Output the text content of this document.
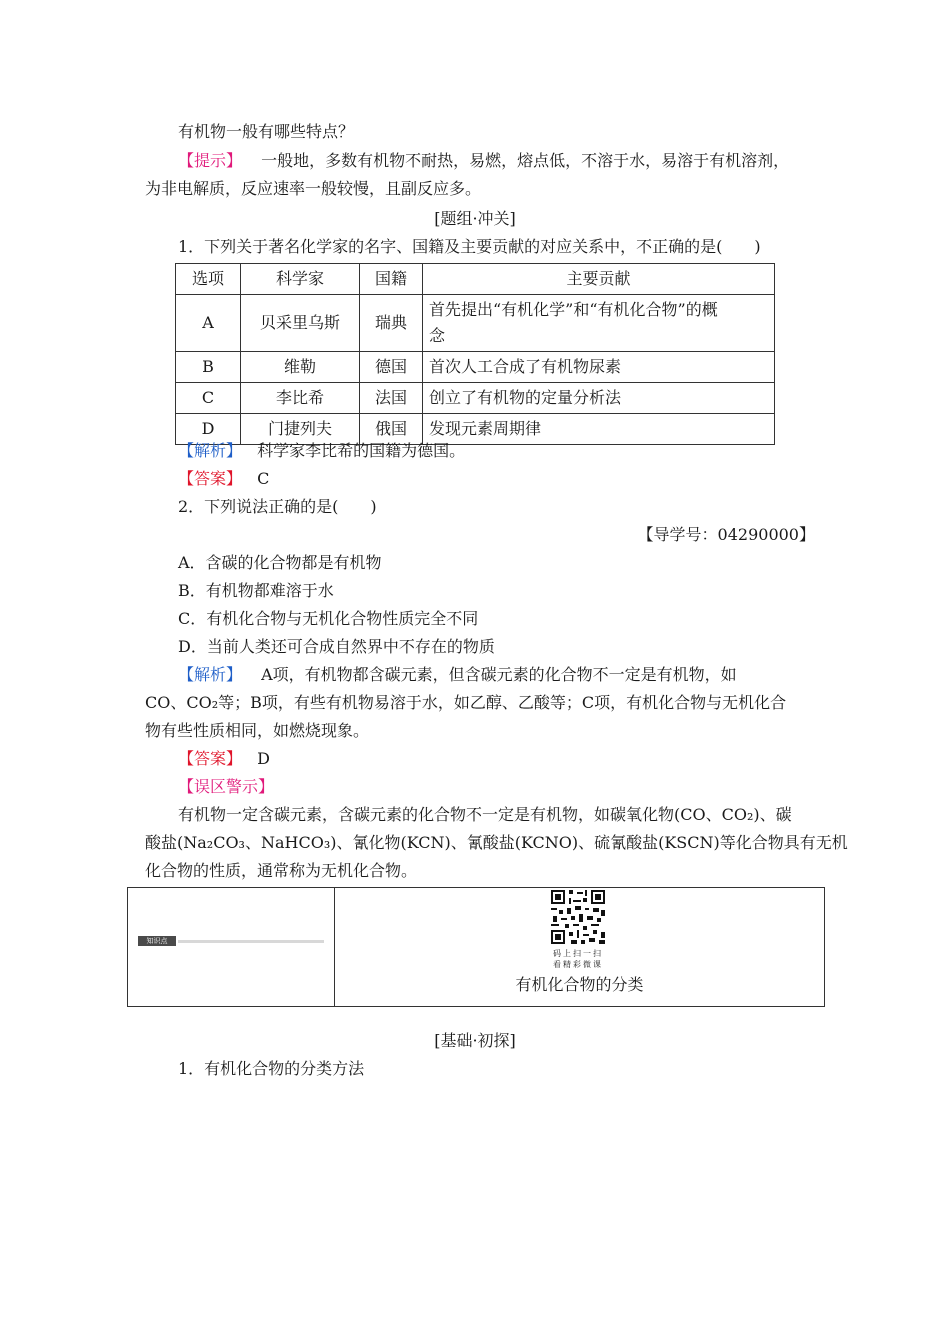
有机物一般有哪些特点？
【提示】 一般地，多数有机物不耐热，易燃，熔点低，不溶于水，易溶于有机溶剂，
为非电解质，反应速率一般较慢，且副反应多。
[题组·冲关]
1．下列关于著名化学家的名字、国籍及主要贡献的对应关系中，不正确的是(　　)
选项	科学家	国籍	主要贡献
A	贝采里乌斯	瑞典	首先提出“有机化学”和“有机化合物”的概
念

B	维勒	德国	首次人工合成了有机物尿素
C	李比希	法国	创立了有机物的定量分析法
D	门捷列夫	俄国	发现元素周期律
【解析】 科学家李比希的国籍为德国。
【答案】 C
2．下列说法正确的是(　　)
【导学号：04290000】
A．含碳的化合物都是有机物
B．有机物都难溶于水
C．有机化合物与无机化合物性质完全不同
D．当前人类还可合成自然界中不存在的物质
【解析】 A项，有机物都含碳元素，但含碳元素的化合物不一定是有机物，如
CO、CO₂等；B项，有些有机物易溶于水，如乙醇、乙酸等；C项，有机化合物与无机化合
物有些性质相同，如燃烧现象。
【答案】 D
【误区警示】
有机物一定含碳元素，含碳元素的化合物不一定是有机物，如碳氧化物(CO、CO₂)、碳
酸盐(Na₂CO₃、NaHCO₃)、氰化物(KCN)、氰酸盐(KCNO)、硫氰酸盐(KSCN)等化合物具有无机
化合物的性质，通常称为无机化合物。
知识点
码上扫一扫
看精彩微课
有机化合物的分类
[基础·初探]
1．有机化合物的分类方法
